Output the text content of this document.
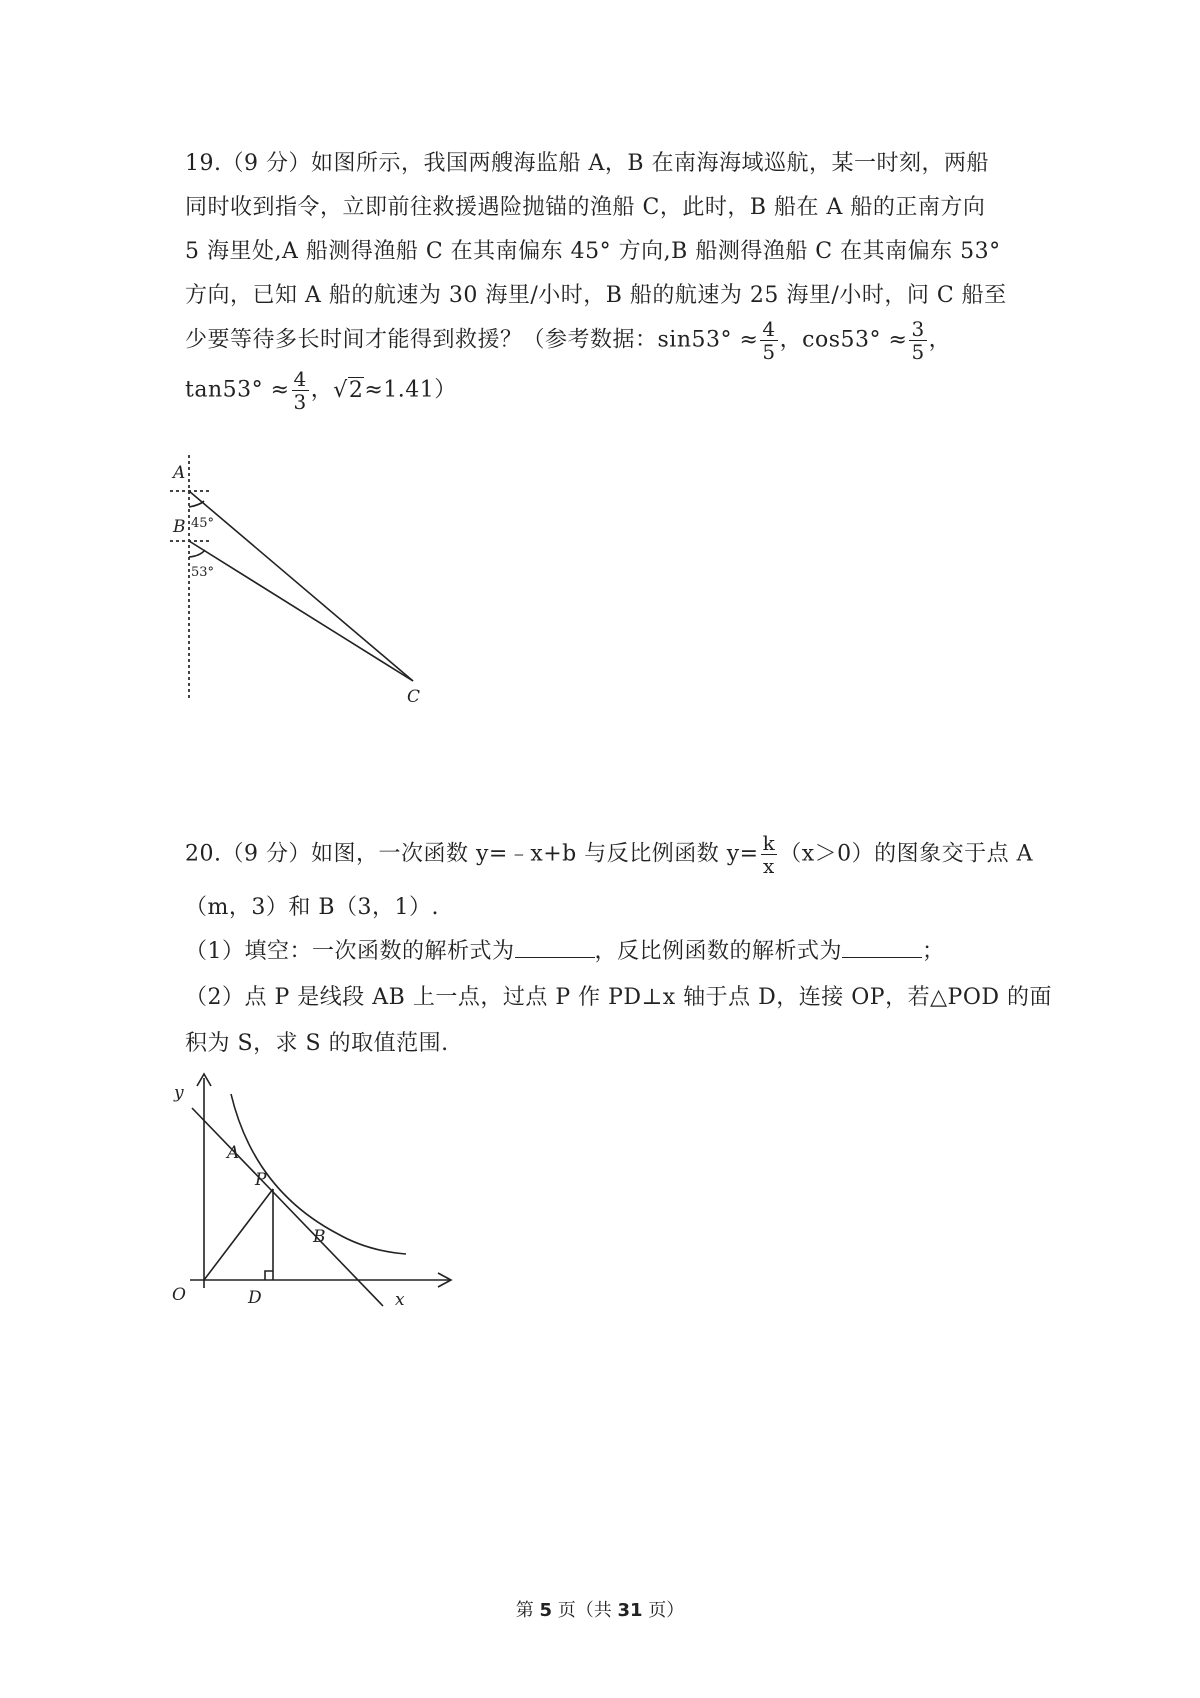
19.（9 分）如图所示，我国两艘海监船 A，B 在南海海域巡航，某一时刻，两船
同时收到指令，立即前往救援遇险抛锚的渔船 C，此时，B 船在 A 船的正南方向
5 海里处,A 船测得渔船 C 在其南偏东 45° 方向,B 船测得渔船 C 在其南偏东 53°
方向，已知 A 船的航速为 30 海里/小时，B 船的航速为 25 海里/小时，问 C 船至
少要等待多长时间才能得到救援？（参考数据：$\sin 53^\circ \approx \frac{4}{5}$ ，$\cos 53^\circ \approx \frac{3}{5}$ ，
$\tan 53^\circ \approx \frac{4}{3}$ ，√2≈1.41）
A
B
C
45°
53°
20.（9 分）如图，一次函数 y=﹣x+b 与反比例函数 $y= \frac{k}{x} (x>0)$的图象交于点 A
（m，3）和 B（3，1）.
（1）填空：一次函数的解析式为	，反比例函数的解析式为	；
（2）点 P 是线段 AB 上一点，过点 P 作 PD⊥x 轴于点 D，连接 OP，若△POD 的面
积为 S，求 S 的取值范围.
y
x
O
A
P
B
D
第 5 页（共 31 页）
